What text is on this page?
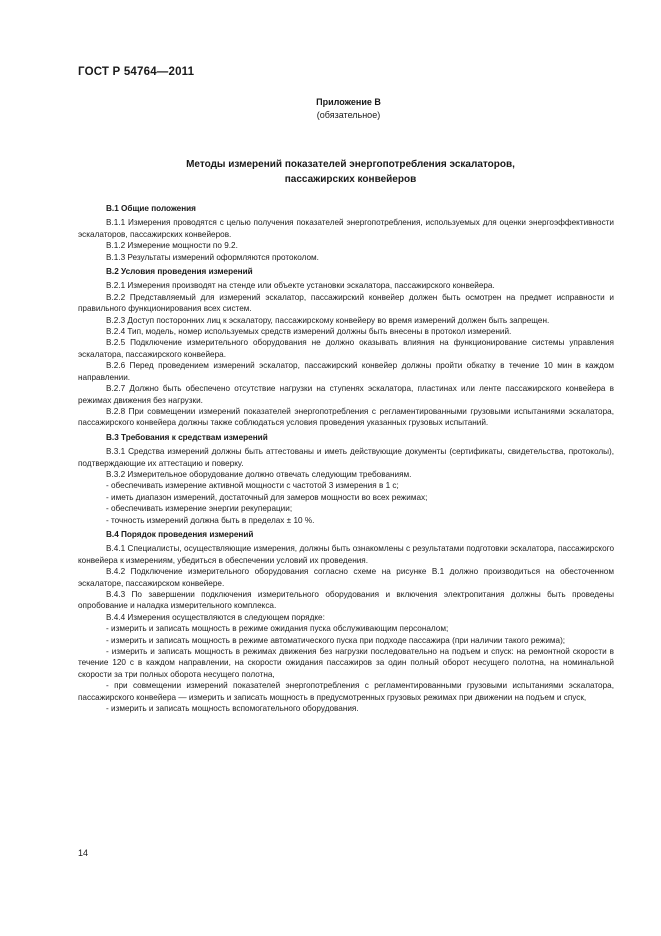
ГОСТ Р 54764—2011
Приложение В
(обязательное)
Методы измерений показателей энергопотребления эскалаторов,
пассажирских конвейеров

В.1 Общие положения

В.1.1 Измерения проводятся с целью получения показателей энергопотребления, используемых для оценки энергоэффективности эскалаторов, пассажирских конвейеров.

В.1.2 Измерение мощности по 9.2.

В.1.3 Результаты измерений оформляются протоколом.

В.2 Условия проведения измерений

В.2.1 Измерения производят на стенде или объекте установки эскалатора, пассажирского конвейера.

В.2.2 Представляемый для измерений эскалатор, пассажирский конвейер должен быть осмотрен на предмет исправности и правильного функционирования всех систем.

В.2.3 Доступ посторонних лиц к эскалатору, пассажирскому конвейеру во время измерений должен быть запрещен.

В.2.4 Тип, модель, номер используемых средств измерений должны быть внесены в протокол измерений.

В.2.5 Подключение измерительного оборудования не должно оказывать влияния на функционирование системы управления эскалатора, пассажирского конвейера.

В.2.6 Перед проведением измерений эскалатор, пассажирский конвейер должны пройти обкатку в течение 10 мин в каждом направлении.

В.2.7 Должно быть обеспечено отсутствие нагрузки на ступенях эскалатора, пластинах или ленте пассажирского конвейера в режимах движения без нагрузки.

В.2.8 При совмещении измерений показателей энергопотребления с регламентированными грузовыми испытаниями эскалатора, пассажирского конвейера должны также соблюдаться условия проведения указанных грузовых испытаний.

В.3 Требования к средствам измерений

В.3.1 Средства измерений должны быть аттестованы и иметь действующие документы (сертификаты, свидетельства, протоколы), подтверждающие их аттестацию и поверку.

В.3.2 Измерительное оборудование должно отвечать следующим требованиям.

- обеспечивать измерение активной мощности с частотой 3 измерения в 1 с;

- иметь диапазон измерений, достаточный для замеров мощности во всех режимах;

- обеспечивать измерение энергии рекуперации;

- точность измерений должна быть в пределах ± 10 %.

В.4 Порядок проведения измерений

В.4.1 Специалисты, осуществляющие измерения, должны быть ознакомлены с результатами подготовки эскалатора, пассажирского конвейера к измерениям, убедиться в обеспечении условий их проведения.

В.4.2 Подключение измерительного оборудования согласно схеме на рисунке В.1 должно производиться на обесточенном эскалаторе, пассажирском конвейере.

В.4.3 По завершении подключения измерительного оборудования и включения электропитания должны быть проведены опробование и наладка измерительного комплекса.

В.4.4 Измерения осуществляются в следующем порядке:

- измерить и записать мощность в режиме ожидания пуска обслуживающим персоналом;

- измерить и записать мощность в режиме автоматического пуска при подходе пассажира (при наличии такого режима);

- измерить и записать мощность в режимах движения без нагрузки последовательно на подъем и спуск: на ремонтной скорости в течение 120 с в каждом направлении, на скорости ожидания пассажиров за один полный оборот несущего полотна, на номинальной скорости за три полных оборота несущего полотна,

- при совмещении измерений показателей энергопотребления с регламентированными грузовыми испытаниями эскалатора, пассажирского конвейера — измерить и записать мощность в предусмотренных грузовых режимах при движении на подъем и спуск,

- измерить и записать мощность вспомогательного оборудования.

14
